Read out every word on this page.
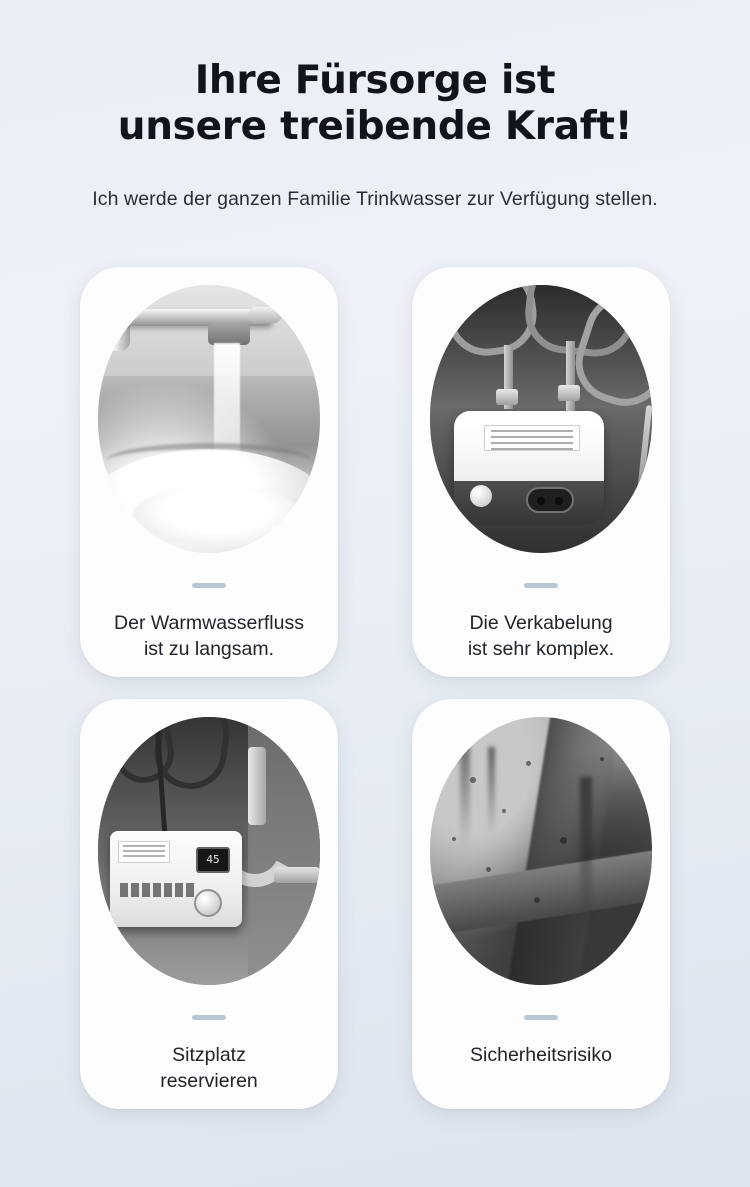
Ihre Fürsorge ist
unsere treibende Kraft!

Ich werde der ganzen Familie Trinkwasser zur Verfügung stellen.

Der Warmwasserfluss
ist zu langsam.
Die Verkabelung
ist sehr komplex.
45
Sitzplatz
reservieren
Sicherheitsrisiko
